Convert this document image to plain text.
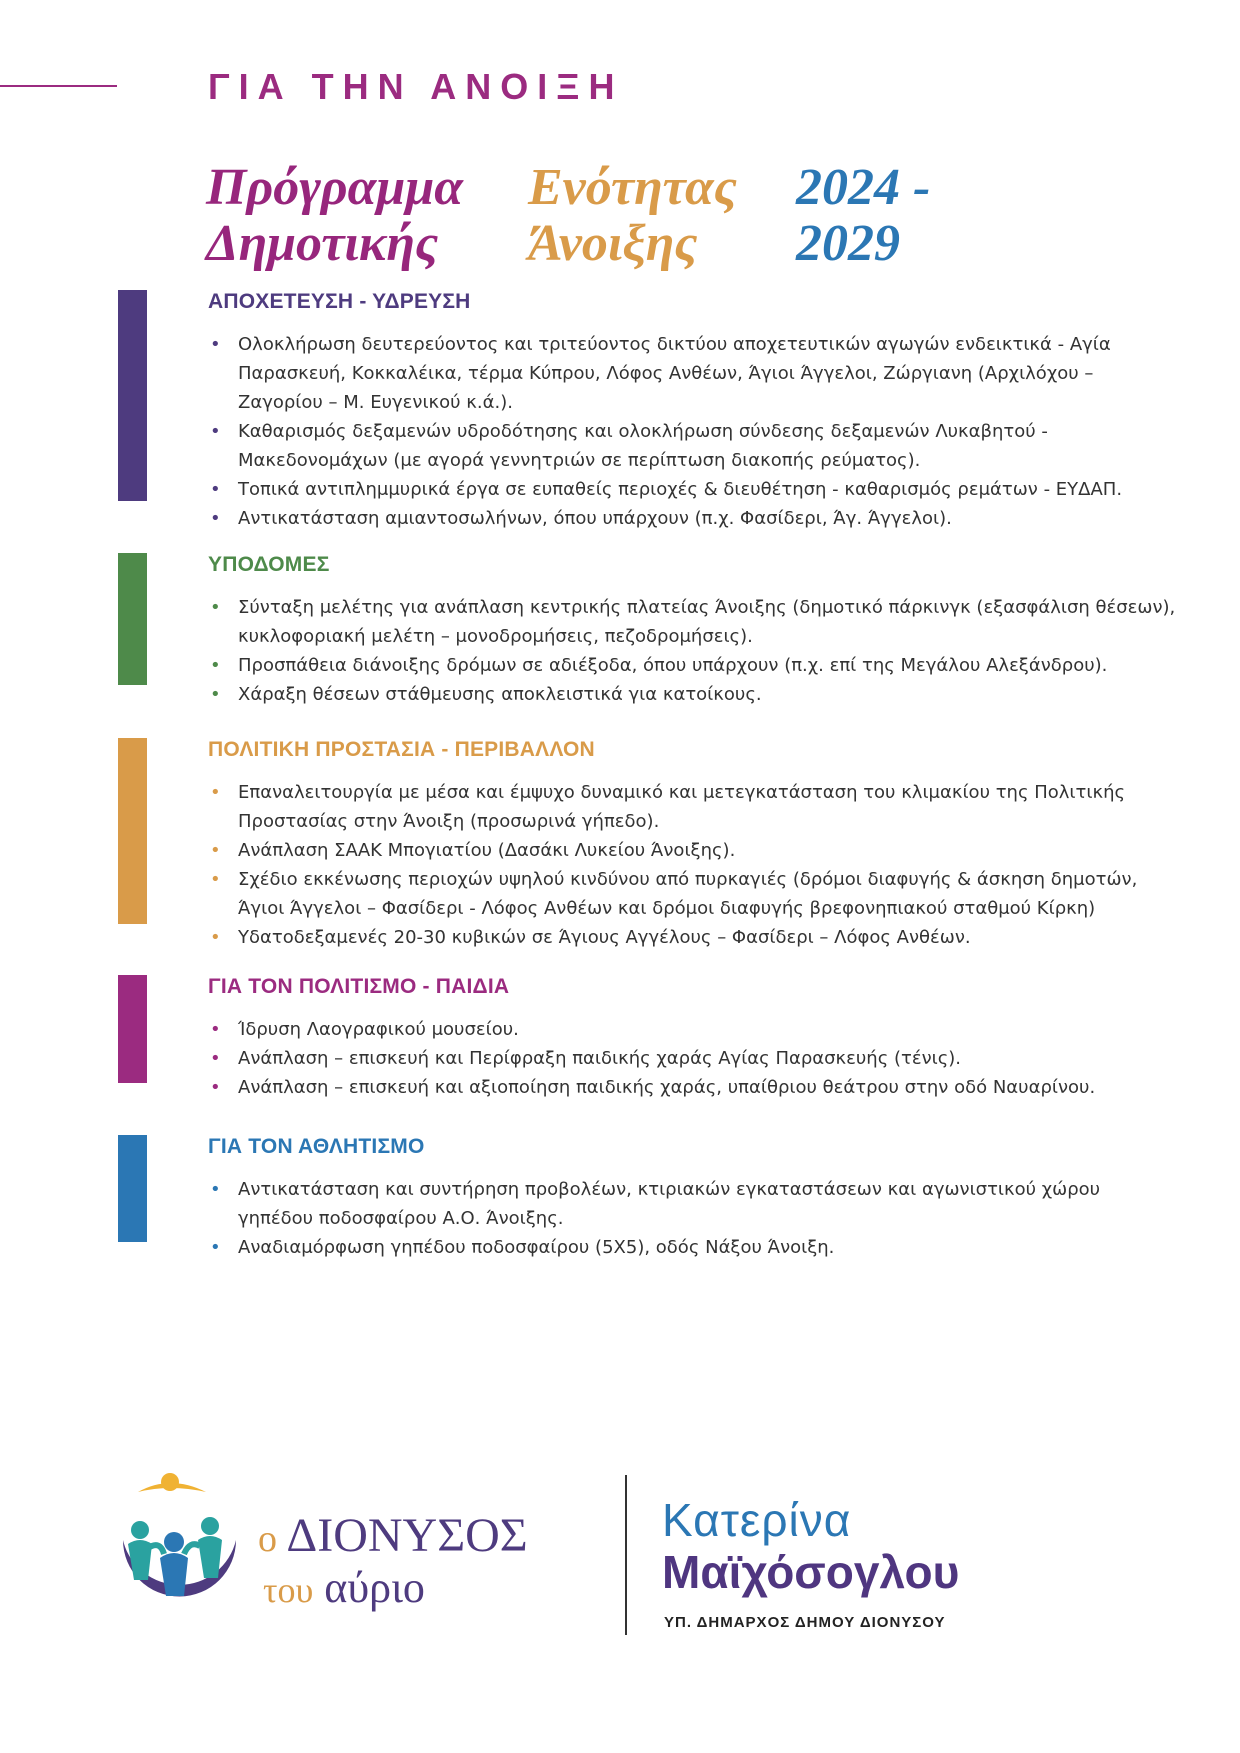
ΓΙΑ ΤΗΝ ΑΝΟΙΞΗ
Πρόγραμμα	Ενότητας	2024 -
Δημοτικής	Άνοιξης	2029
ΑΠΟΧΕΤΕΥΣΗ - ΥΔΡΕΥΣΗ
• Ολοκλήρωση δευτερεύοντος και τριτεύοντος δικτύου αποχετευτικών αγωγών ενδεικτικά - Αγία Παρασκευή, Κοκκαλέικα, τέρμα Κύπρου, Λόφος Ανθέων, Άγιοι Άγγελοι, Ζώργιανη (Αρχιλόχου – Ζαγορίου – Μ. Ευγενικού κ.ά.).
• Καθαρισμός δεξαμενών υδροδότησης και ολοκλήρωση σύνδεσης δεξαμενών Λυκαβητού - Μακεδονομάχων (με αγορά γεννητριών σε περίπτωση διακοπής ρεύματος).
• Τοπικά αντιπλημμυρικά έργα σε ευπαθείς περιοχές & διευθέτηση - καθαρισμός ρεμάτων - ΕΥΔΑΠ.
• Αντικατάσταση αμιαντοσωλήνων, όπου υπάρχουν (π.χ. Φασίδερι, Άγ. Άγγελοι).
ΥΠΟΔΟΜΕΣ
• Σύνταξη μελέτης για ανάπλαση κεντρικής πλατείας Άνοιξης (δημοτικό πάρκινγκ (εξασφάλιση θέσεων), κυκλοφοριακή μελέτη – μονοδρομήσεις, πεζοδρομήσεις).
• Προσπάθεια διάνοιξης δρόμων σε αδιέξοδα, όπου υπάρχουν (π.χ. επί της Μεγάλου Αλεξάνδρου).
• Χάραξη θέσεων στάθμευσης αποκλειστικά για κατοίκους.
ΠΟΛΙΤΙΚΗ ΠΡΟΣΤΑΣΙΑ - ΠΕΡΙΒΑΛΛΟΝ
• Επαναλειτουργία με μέσα και έμψυχο δυναμικό και μετεγκατάσταση του κλιμακίου της Πολιτικής Προστασίας στην Άνοιξη (προσωρινά γήπεδο).
• Ανάπλαση ΣΑΑΚ Μπογιατίου (Δασάκι Λυκείου Άνοιξης).
• Σχέδιο εκκένωσης περιοχών υψηλού κινδύνου από πυρκαγιές (δρόμοι διαφυγής & άσκηση δημοτών, Άγιοι Άγγελοι – Φασίδερι - Λόφος Ανθέων και δρόμοι διαφυγής βρεφονηπιακού σταθμού Κίρκη)
• Υδατοδεξαμενές 20-30 κυβικών σε Άγιους Αγγέλους – Φασίδερι – Λόφος Ανθέων.
ΓΙΑ ΤΟΝ ΠΟΛΙΤΙΣΜΟ - ΠΑΙΔΙΑ
• Ίδρυση Λαογραφικού μουσείου.
• Ανάπλαση – επισκευή και Περίφραξη παιδικής χαράς Αγίας Παρασκευής (τένις).
• Ανάπλαση – επισκευή και αξιοποίηση παιδικής χαράς, υπαίθριου θεάτρου στην οδό Ναυαρίνου.
ΓΙΑ ΤΟΝ ΑΘΛΗΤΙΣΜΟ
• Αντικατάσταση και συντήρηση προβολέων, κτιριακών εγκαταστάσεων και αγωνιστικού χώρου γηπέδου ποδοσφαίρου Α.Ο. Άνοιξης.
• Αναδιαμόρφωση γηπέδου ποδοσφαίρου (5Χ5), οδός Νάξου Άνοιξη.
ο ΔΙΟΝΥΣΟΣ
του αύριο
Κατερίνα
Μαϊχόσογλου
ΥΠ. ΔΗΜΑΡΧΟΣ ΔΗΜΟΥ ΔΙΟΝΥΣΟΥ
